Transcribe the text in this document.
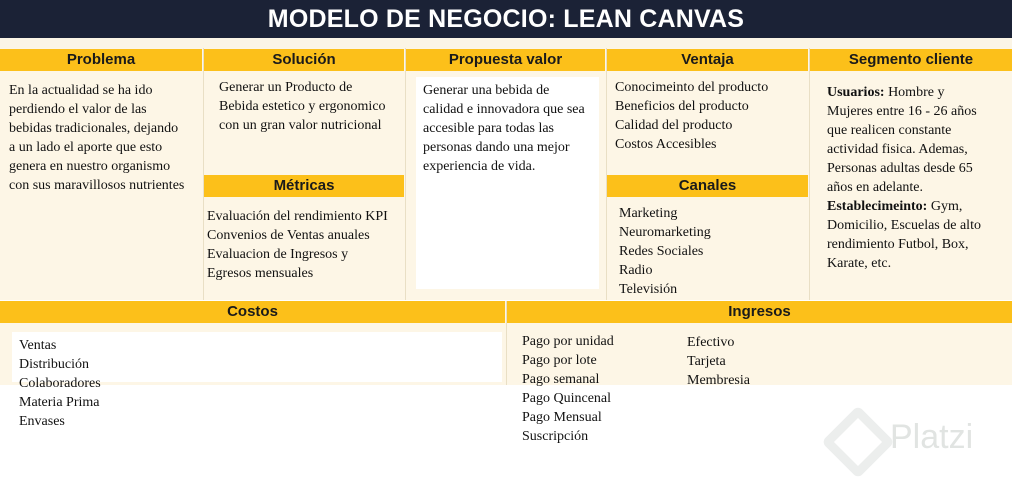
MODELO DE NEGOCIO: LEAN CANVAS
Problema
En la actualidad se ha ido
perdiendo el valor de las
bebidas tradicionales, dejando
a un lado el aporte que esto
genera en nuestro organismo
con sus maravillosos nutrientes
Solución
Generar un Producto de
Bebida estetico y ergonomico
con un gran valor nutricional
Métricas
Evaluación del rendimiento KPI
Convenios de Ventas anuales
Evaluacion de Ingresos y
Egresos mensuales
Propuesta valor
Generar una bebida de
calidad e innovadora que sea
accesible para todas las
personas dando una mejor
experiencia de vida.
Ventaja
Conocimeinto del producto
Beneficios del producto
Calidad del producto
Costos Accesibles
Canales
Marketing
Neuromarketing
Redes Sociales
Radio
Televisión
Segmento cliente
Usuarios: Hombre y
Mujeres entre 16 - 26 años
que realicen constante
actividad fisica. Ademas,
Personas adultas desde 65
años en adelante.
Establecimeinto: Gym,
Domicilio, Escuelas de alto
rendimiento Futbol, Box,
Karate, etc.
Costos
Ventas
Distribución
Colaboradores
Materia Prima
Envases
Ingresos
Pago por unidad
Pago por lote
Pago semanal
Pago Quincenal
Pago Mensual
Suscripción
Efectivo
Tarjeta
Membresia
Platzi
